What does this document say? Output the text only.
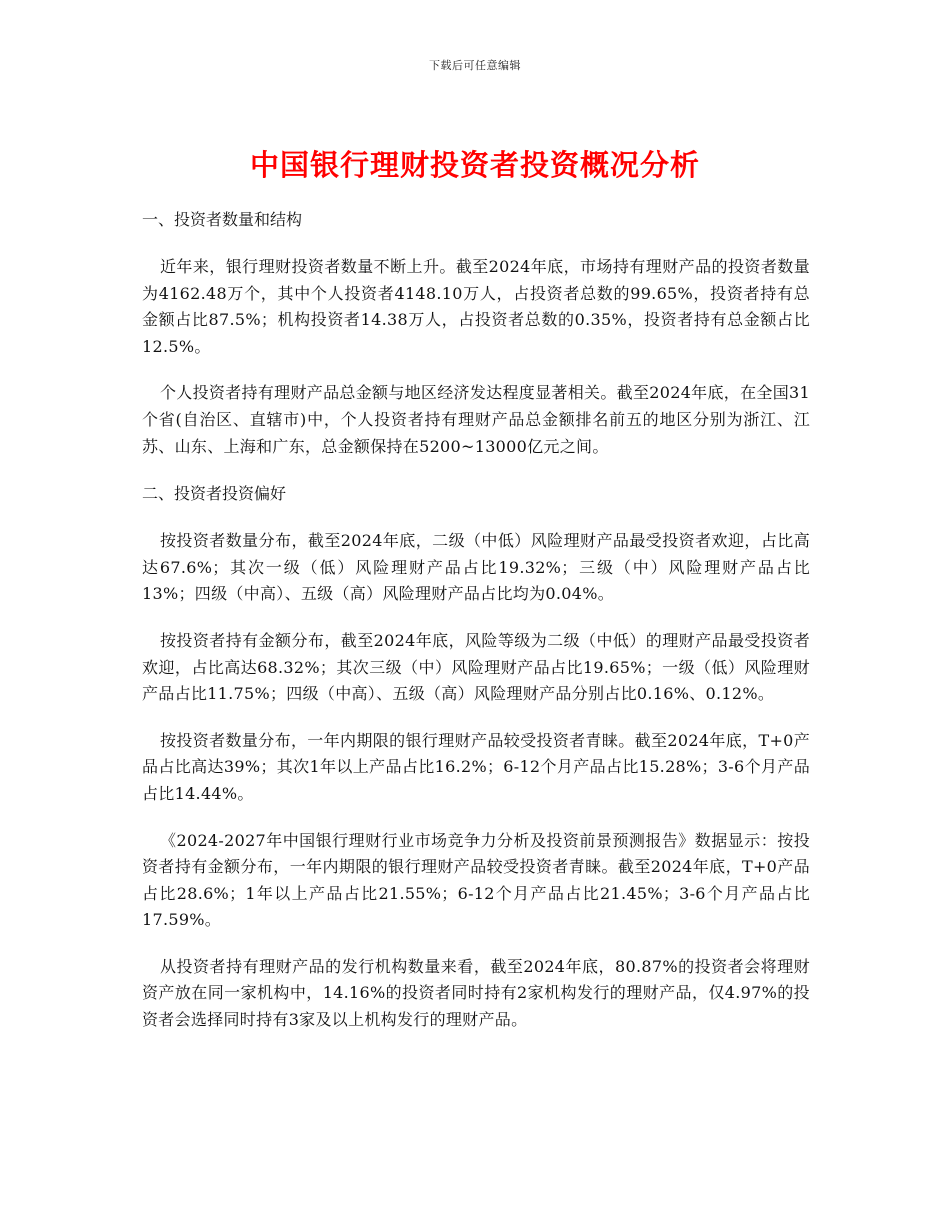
下载后可任意编辑
中国银行理财投资者投资概况分析
一、投资者数量和结构

近年来，银行理财投资者数量不断上升。截至2024年底，市场持有理财产品的投资者数量为4162.48万个，其中个人投资者4148.10万人，占投资者总数的99.65%，投资者持有总金额占比87.5%；机构投资者14.38万人，占投资者总数的0.35%，投资者持有总金额占比12.5%。

个人投资者持有理财产品总金额与地区经济发达程度显著相关。截至2024年底，在全国31个省(自治区、直辖市)中，个人投资者持有理财产品总金额排名前五的地区分别为浙江、江苏、山东、上海和广东，总金额保持在5200~13000亿元之间。

二、投资者投资偏好

按投资者数量分布，截至2024年底，二级（中低）风险理财产品最受投资者欢迎，占比高达67.6%；其次一级（低）风险理财产品占比19.32%；三级（中）风险理财产品占比13%；四级（中高）、五级（高）风险理财产品占比均为0.04%。

按投资者持有金额分布，截至2024年底，风险等级为二级（中低）的理财产品最受投资者欢迎，占比高达68.32%；其次三级（中）风险理财产品占比19.65%；一级（低）风险理财产品占比11.75%；四级（中高）、五级（高）风险理财产品分别占比0.16%、0.12%。

按投资者数量分布，一年内期限的银行理财产品较受投资者青睐。截至2024年底，T+0产品占比高达39%；其次1年以上产品占比16.2%；6-12个月产品占比15.28%；3-6个月产品占比14.44%。

《2024-2027年中国银行理财行业市场竞争力分析及投资前景预测报告》数据显示：按投资者持有金额分布，一年内期限的银行理财产品较受投资者青睐。截至2024年底，T+0产品占比28.6%；1年以上产品占比21.55%；6-12个月产品占比21.45%；3-6个月产品占比17.59%。

从投资者持有理财产品的发行机构数量来看，截至2024年底，80.87%的投资者会将理财资产放在同一家机构中，14.16%的投资者同时持有2家机构发行的理财产品，仅4.97%的投资者会选择同时持有3家及以上机构发行的理财产品。
